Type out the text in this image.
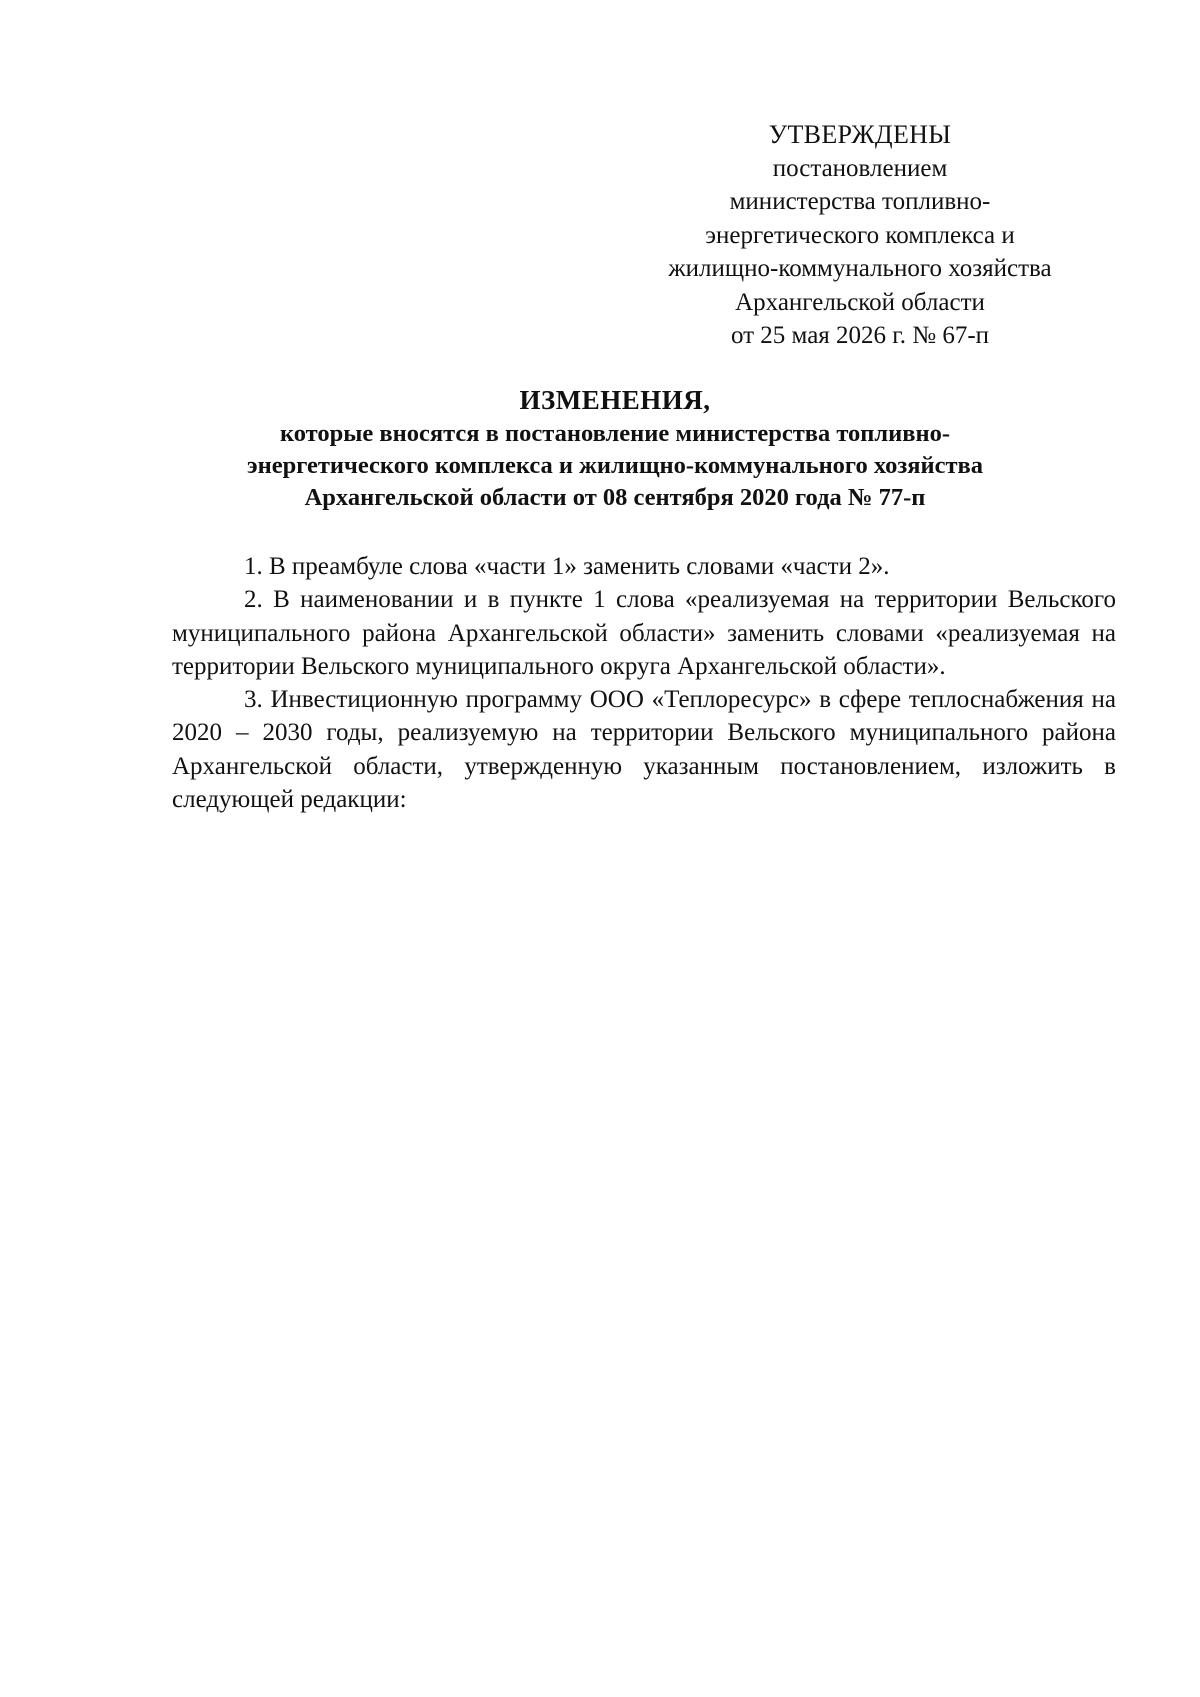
УТВЕРЖДЕНЫ
постановлением
министерства топливно-
энергетического комплекса и
жилищно-коммунального хозяйства
Архангельской области
от 25 мая 2026 г. № 67-п
ИЗМЕНЕНИЯ,
которые вносятся в постановление министерства топливно-
энергетического комплекса и жилищно-коммунального хозяйства
Архангельской области от 08 сентября 2020 года № 77-п

1. В преамбуле слова «части 1» заменить словами «части 2».

2. В наименовании и в пункте 1 слова «реализуемая на территории Вельского муниципального района Архангельской области» заменить словами «реализуемая на территории Вельского муниципального округа Архангельской области».

3. Инвестиционную программу ООО «Теплоресурс» в сфере теплоснабжения на 2020 – 2030 годы, реализуемую на территории Вельского муниципального района Архангельской области, утвержденную указанным постановлением, изложить в следующей редакции:
